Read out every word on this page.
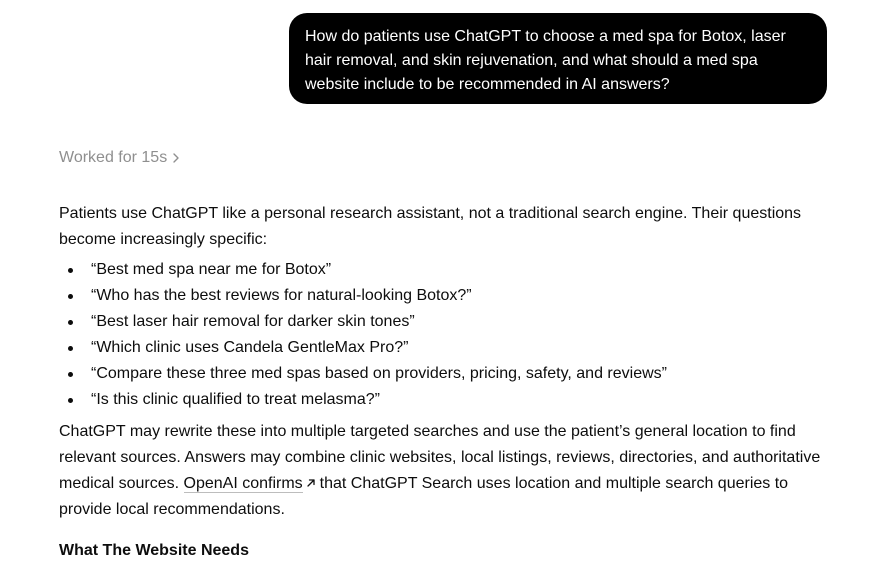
How do patients use ChatGPT to choose a med spa for Botox, laser hair removal, and skin rejuvenation, and what should a med spa website include to be recommended in AI answers?
Worked for 15s

Patients use ChatGPT like a personal research assistant, not a traditional search engine. Their questions become increasingly specific:

“Best med spa near me for Botox”
“Who has the best reviews for natural-looking Botox?”
“Best laser hair removal for darker skin tones”
“Which clinic uses Candela GentleMax Pro?”
“Compare these three med spas based on providers, pricing, safety, and reviews”
“Is this clinic qualified to treat melasma?”

ChatGPT may rewrite these into multiple targeted searches and use the patient’s general location to find relevant sources. Answers may combine clinic websites, local listings, reviews, directories, and authoritative medical sources. OpenAI confirms that ChatGPT Search uses location and multiple search queries to provide local recommendations.

What The Website Needs
